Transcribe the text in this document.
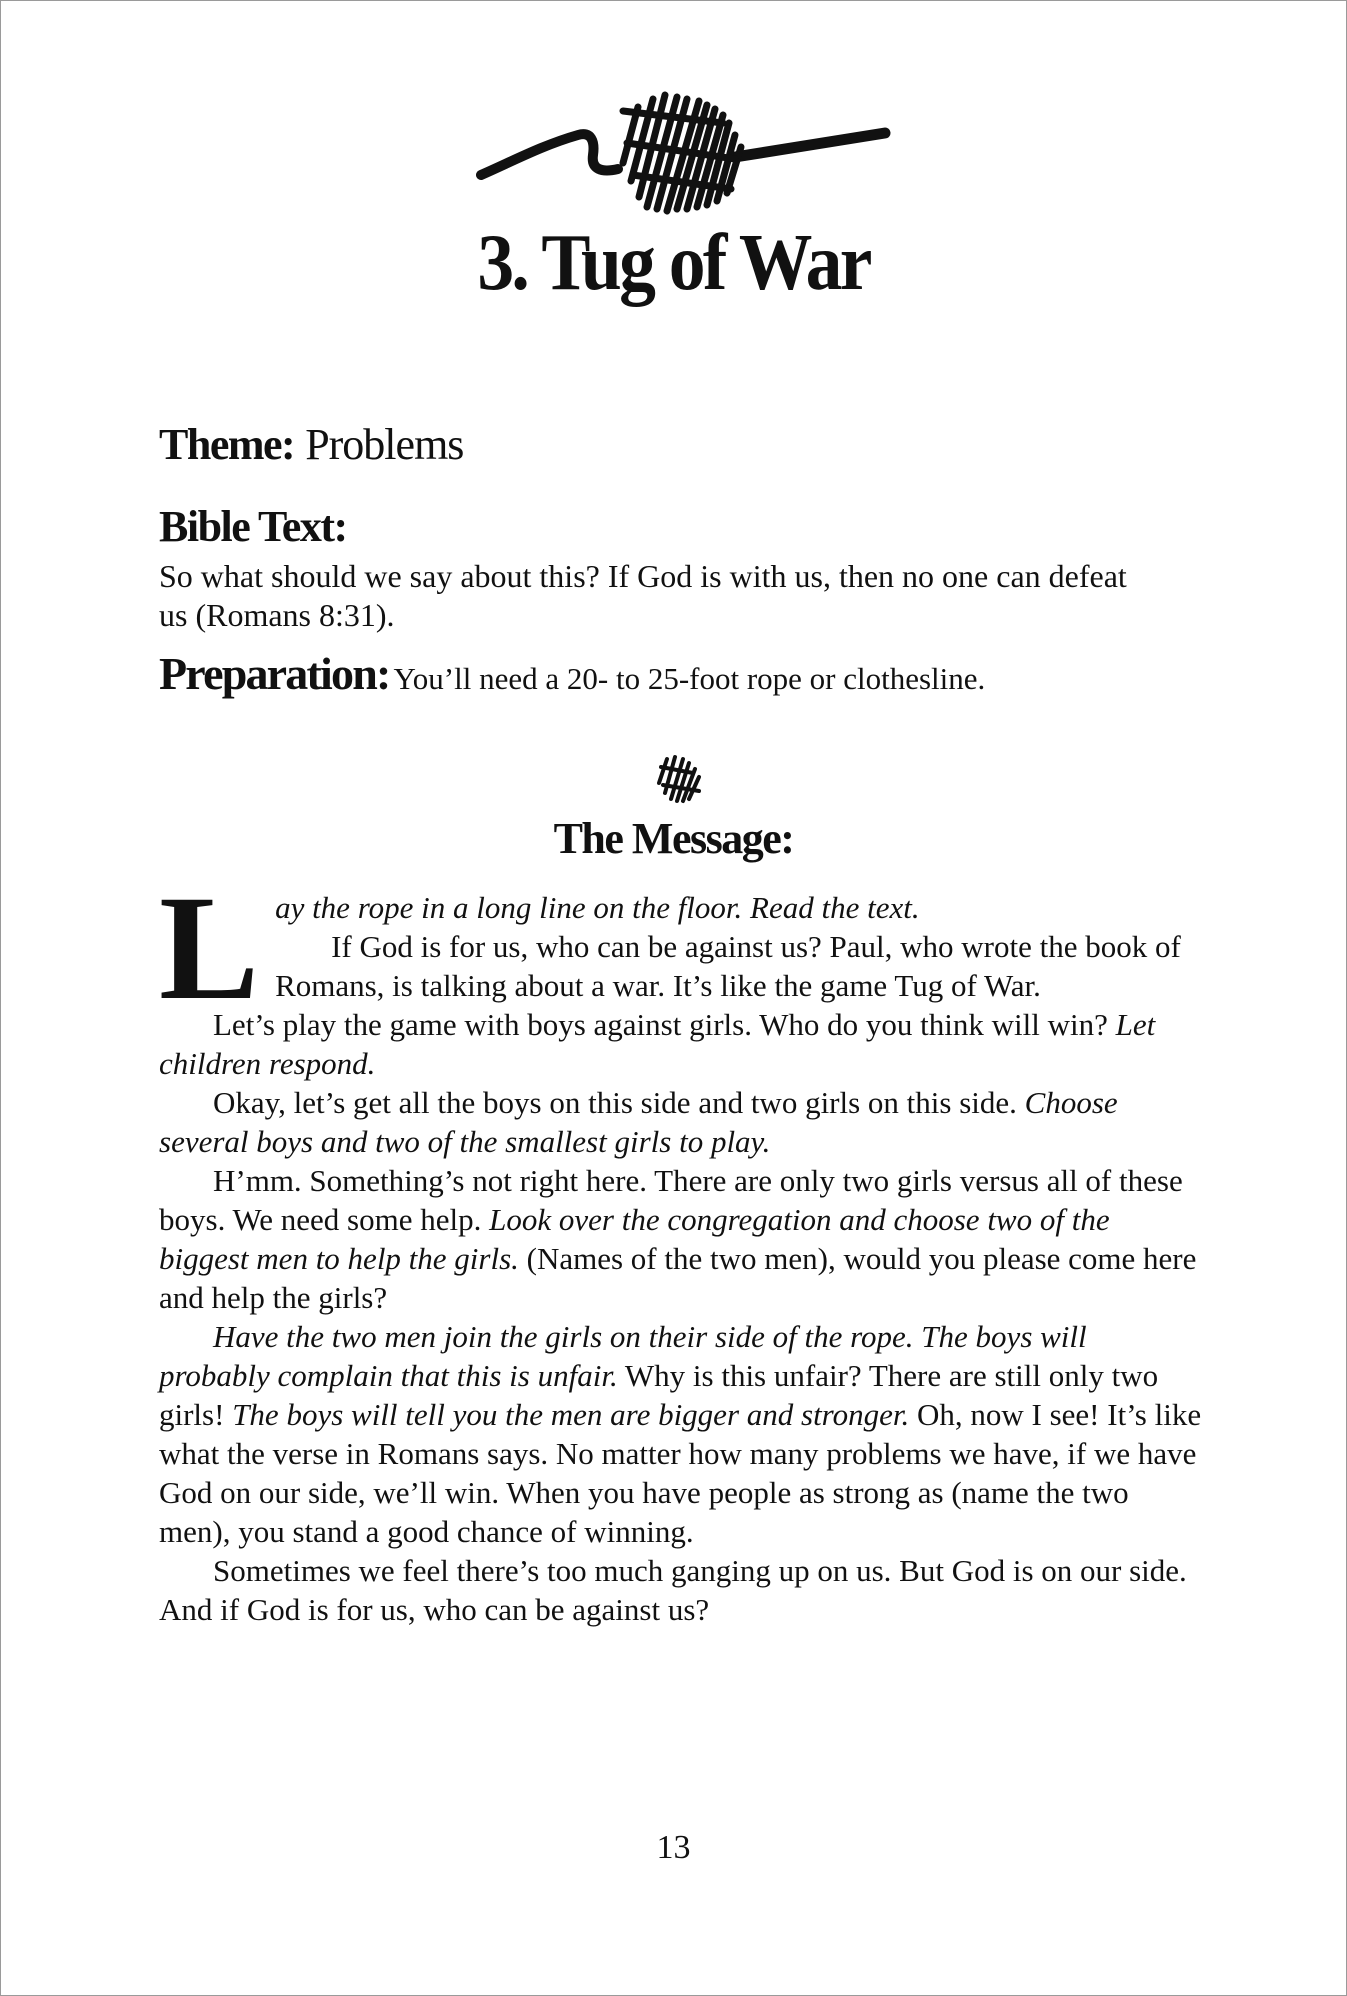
3. Tug of War
Theme: Problems
Bible Text:
So what should we say about this? If God is with us, then no one can defeat us (Romans 8:31).
Preparation: You’ll need a 20- to 25-foot rope or clothesline.
The Message:

Lay the rope in a long line on the floor. Read the text.
If God is for us, who can be against us? Paul, who wrote the book of Romans, is talking about a war. It’s like the game Tug of War.

Let’s play the game with boys against girls. Who do you think will win? Let children respond.

Okay, let’s get all the boys on this side and two girls on this side. Choose several boys and two of the smallest girls to play.

H’mm. Something’s not right here. There are only two girls versus all of these boys. We need some help. Look over the congregation and choose two of the biggest men to help the girls. (Names of the two men), would you please come here and help the girls?

Have the two men join the girls on their side of the rope. The boys will probably complain that this is unfair. Why is this unfair? There are still only two girls! The boys will tell you the men are bigger and stronger. Oh, now I see! It’s like what the verse in Romans says. No matter how many problems we have, if we have God on our side, we’ll win. When you have people as strong as (name the two men), you stand a good chance of winning.

Sometimes we feel there’s too much ganging up on us. But God is on our side. And if God is for us, who can be against us?

13
